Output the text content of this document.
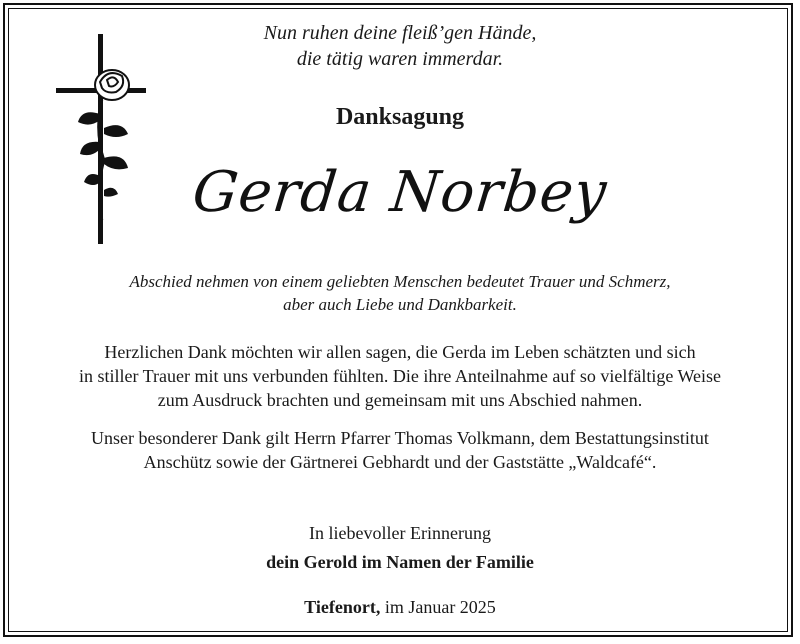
Nun ruhen deine fleiß’gen Hände,
die tätig waren immerdar.
Danksagung
Gerda Norbey
Abschied nehmen von einem geliebten Menschen bedeutet Trauer und Schmerz,
aber auch Liebe und Dankbarkeit.
Herzlichen Dank möchten wir allen sagen, die Gerda im Leben schätzten und sich
in stiller Trauer mit uns verbunden fühlten. Die ihre Anteilnahme auf so vielfältige Weise
zum Ausdruck brachten und gemeinsam mit uns Abschied nahmen.
Unser besonderer Dank gilt Herrn Pfarrer Thomas Volkmann, dem Bestattungsinstitut
Anschütz sowie der Gärtnerei Gebhardt und der Gaststätte „Waldcafé“.
In liebevoller Erinnerung
dein Gerold im Namen der Familie
Tiefenort, im Januar 2025
